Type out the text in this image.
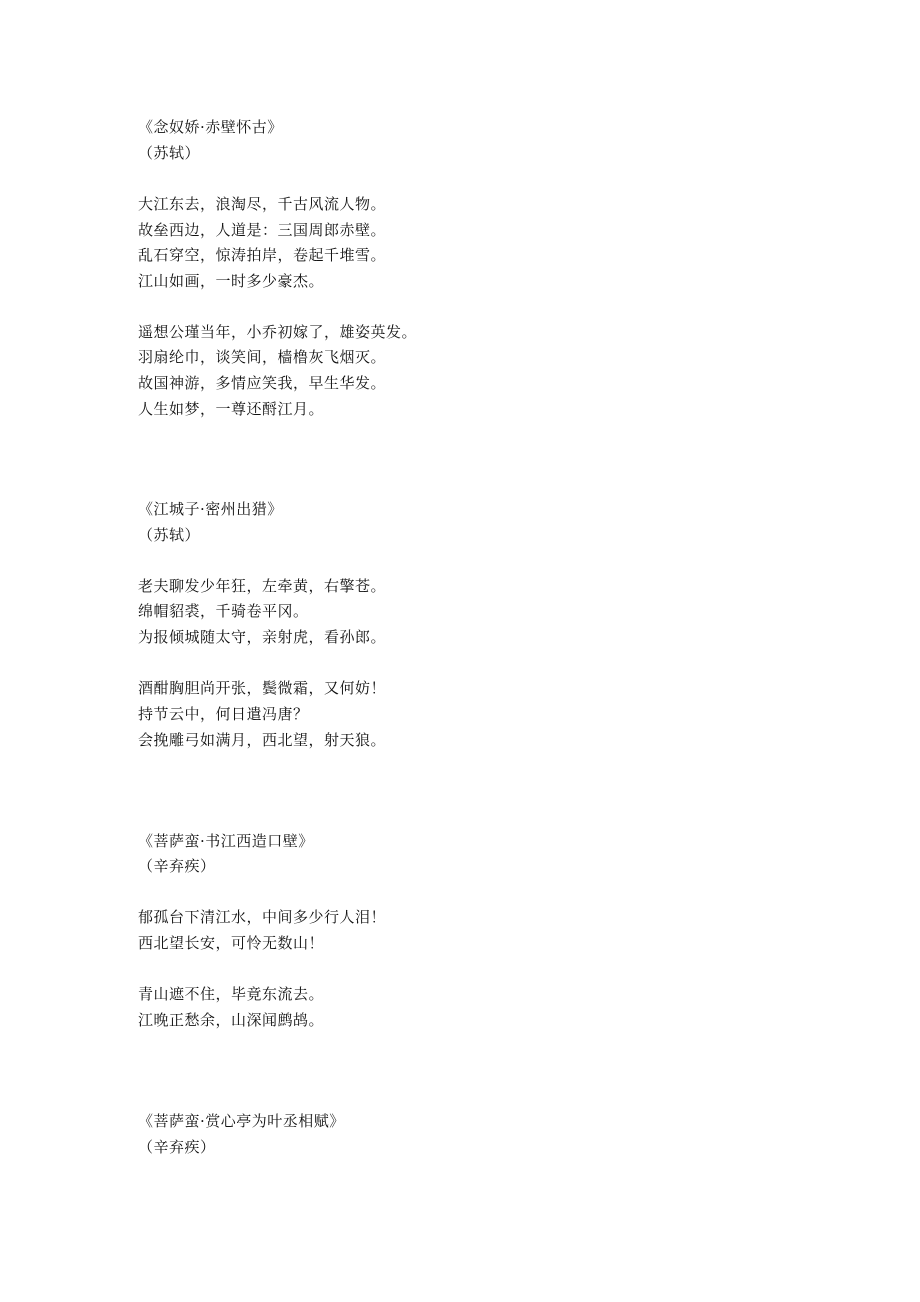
《念奴娇·赤壁怀古》
（苏轼）
大江东去，浪淘尽，千古风流人物。
故垒西边，人道是：三国周郎赤壁。
乱石穿空，惊涛拍岸，卷起千堆雪。
江山如画，一时多少豪杰。
遥想公瑾当年，小乔初嫁了，雄姿英发。
羽扇纶巾，谈笑间，樯橹灰飞烟灭。
故国神游，多情应笑我，早生华发。
人生如梦，一尊还酹江月。
《江城子·密州出猎》
（苏轼）
老夫聊发少年狂，左牵黄，右擎苍。
绵帽貂裘，千骑卷平冈。
为报倾城随太守，亲射虎，看孙郎。
酒酣胸胆尚开张，鬓微霜，又何妨！
持节云中，何日遣冯唐？
会挽雕弓如满月，西北望，射天狼。
《菩萨蛮·书江西造口壁》
（辛弃疾）
郁孤台下清江水，中间多少行人泪！
西北望长安，可怜无数山！
青山遮不住，毕竟东流去。
江晚正愁余，山深闻鹧鸪。
《菩萨蛮·赏心亭为叶丞相赋》
（辛弃疾）
